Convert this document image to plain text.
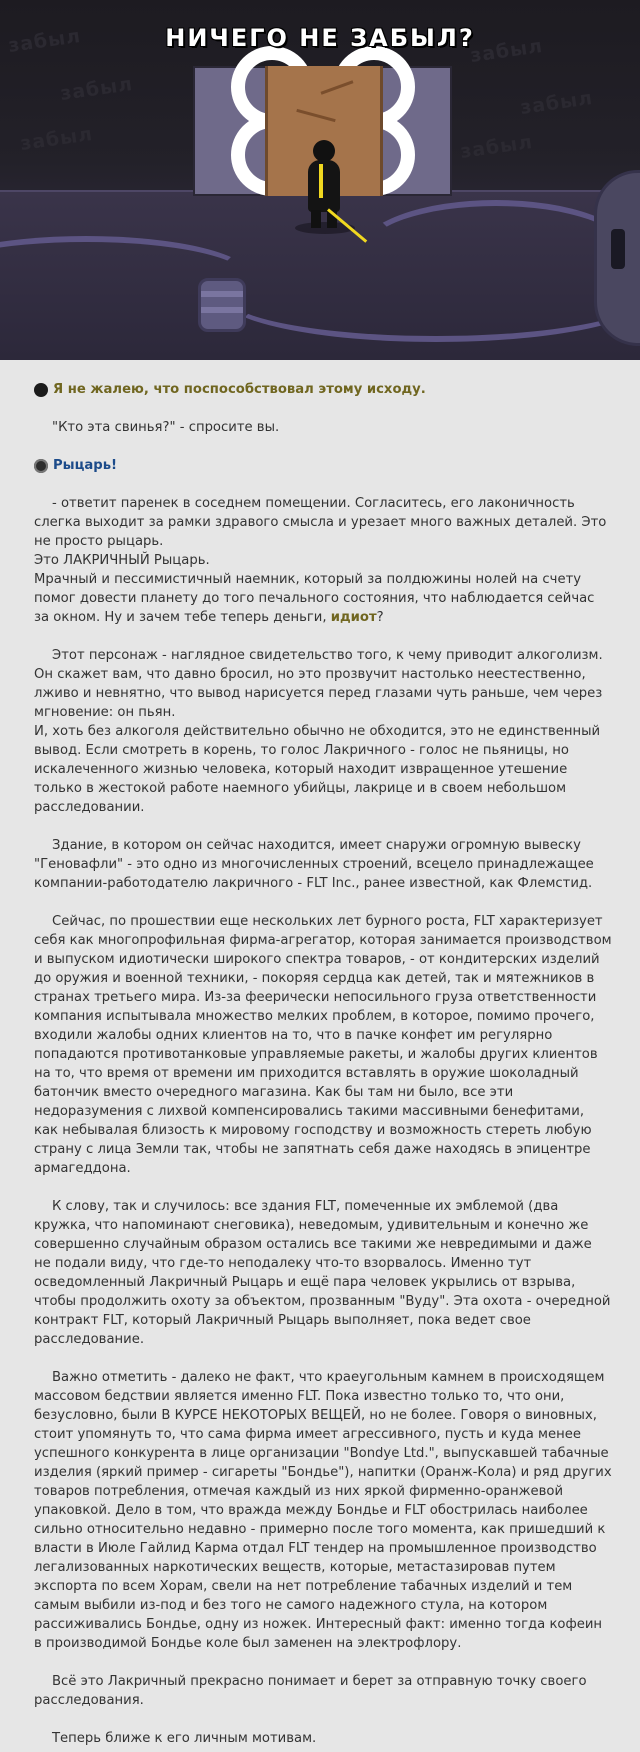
забыл
забыл
забыл
забыл
забыл
забыл
НИЧЕГО НЕ ЗАБЫЛ?

Я не жалею, что поспособствовал этому исходу.

"Кто эта свинья?" - спросите вы.

Рыцарь!

- ответит паренек в соседнем помещении. Согласитесь, его лаконичность слегка выходит за рамки здравого смысла и урезает много важных деталей. Это не просто рыцарь.
Это ЛАКРИЧНЫЙ Рыцарь.
Мрачный и пессимистичный наемник, который за полдюжины нолей на счету помог довести планету до того печального состояния, что наблюдается сейчас за окном. Ну и зачем тебе теперь деньги, идиот?

Этот персонаж - наглядное свидетельство того, к чему приводит алкоголизм. Он скажет вам, что давно бросил, но это прозвучит настолько неестественно, лживо и невнятно, что вывод нарисуется перед глазами чуть раньше, чем через мгновение: он пьян.
И, хоть без алкоголя действительно обычно не обходится, это не единственный вывод. Если смотреть в корень, то голос Лакричного - голос не пьяницы, но искалеченного жизнью человека, который находит извращенное утешение только в жестокой работе наемного убийцы, лакрице и в своем небольшом расследовании.

Здание, в котором он сейчас находится, имеет снаружи огромную вывеску "Геновафли" - это одно из многочисленных строений, всецело принадлежащее компании-работодателю лакричного - FLT Inc., ранее известной, как Флемстид.

Сейчас, по прошествии еще нескольких лет бурного роста, FLT характеризует себя как многопрофильная фирма-агрегатор, которая занимается производством и выпуском идиотически широкого спектра товаров, - от кондитерских изделий до оружия и военной техники, - покоряя сердца как детей, так и мятежников в странах третьего мира. Из-за феерически непосильного груза ответственности компания испытывала множество мелких проблем, в которое, помимо прочего, входили жалобы одних клиентов на то, что в пачке конфет им регулярно попадаются противотанковые управляемые ракеты, и жалобы других клиентов на то, что время от времени им приходится вставлять в оружие шоколадный батончик вместо очередного магазина. Как бы там ни было, все эти недоразумения с лихвой компенсировались такими массивными бенефитами, как небывалая близость к мировому господству и возможность стереть любую страну с лица Земли так, чтобы не запятнать себя даже находясь в эпицентре армагеддона.

К слову, так и случилось: все здания FLT, помеченные их эмблемой (два кружка, что напоминают снеговика), неведомым, удивительным и конечно же совершенно случайным образом остались все такими же невредимыми и даже не подали виду, что где-то неподалеку что-то взорвалось. Именно тут осведомленный Лакричный Рыцарь и ещё пара человек укрылись от взрыва, чтобы продолжить охоту за объектом, прозванным "Вуду". Эта охота - очередной контракт FLT, который Лакричный Рыцарь выполняет, пока ведет свое расследование.

Важно отметить - далеко не факт, что краеугольным камнем в происходящем массовом бедствии является именно FLT. Пока известно только то, что они, безусловно, были В КУРСЕ НЕКОТОРЫХ ВЕЩЕЙ, но не более. Говоря о виновных, стоит упомянуть то, что сама фирма имеет агрессивного, пусть и куда менее успешного конкурента в лице организации "Bondye Ltd.", выпускавшей табачные изделия (яркий пример - сигареты "Бондье"), напитки (Оранж-Кола) и ряд других товаров потребления, отмечая каждый из них яркой фирменно-оранжевой упаковкой. Дело в том, что вражда между Бондье и FLT обострилась наиболее сильно относительно недавно - примерно после того момента, как пришедший к власти в Июле Гайлид Карма отдал FLT тендер на промышленное производство легализованных наркотических веществ, которые, метастазировав путем экспорта по всем Хорам, свели на нет потребление табачных изделий и тем самым выбили из-под и без того не самого надежного стула, на котором рассиживались Бондье, одну из ножек. Интересный факт: именно тогда кофеин в производимой Бондье коле был заменен на электрофлору.

Всё это Лакричный прекрасно понимает и берет за отправную точку своего расследования.

Теперь ближе к его личным мотивам.
